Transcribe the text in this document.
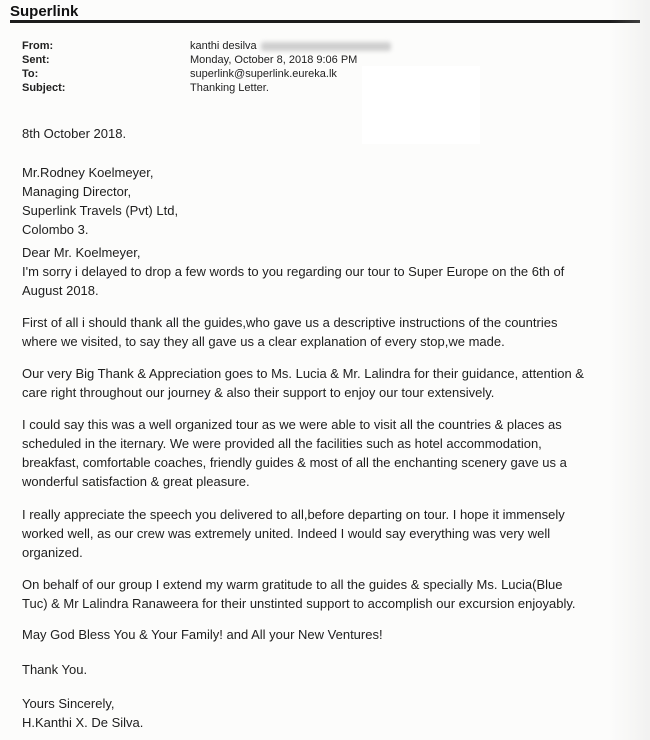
Superlink
From:	kanthi desilva
Sent:	Monday, October 8, 2018 9:06 PM
To:	superlink@superlink.eureka.lk
Subject:	Thanking Letter.

8th October 2018.

Mr.Rodney Koelmeyer,
Managing Director,
Superlink Travels (Pvt) Ltd,
Colombo 3.

Dear Mr. Koelmeyer,
I'm sorry i delayed to drop a few words to you regarding our tour to Super Europe on the 6th of
August 2018.

First of all i should thank all the guides,who gave us a descriptive instructions of the countries
where we visited, to say they all gave us a clear explanation of every stop,we made.

Our very Big Thank & Appreciation goes to Ms. Lucia & Mr. Lalindra for their guidance, attention &
care right throughout our journey & also their support to enjoy our tour extensively.

I could say this was a well organized tour as we were able to visit all the countries & places as
scheduled in the iternary. We were provided all the facilities such as hotel accommodation,
breakfast, comfortable coaches, friendly guides & most of all the enchanting scenery gave us a
wonderful satisfaction & great pleasure.

I really appreciate the speech you delivered to all,before departing on tour. I hope it immensely
worked well, as our crew was extremely united. Indeed I would say everything was very well
organized.

On behalf of our group I extend my warm gratitude to all the guides & specially Ms. Lucia(Blue
Tuc) & Mr Lalindra Ranaweera for their unstinted support to accomplish our excursion enjoyably.

May God Bless You & Your Family! and All your New Ventures!

Thank You.

Yours Sincerely,
H.Kanthi X. De Silva.
